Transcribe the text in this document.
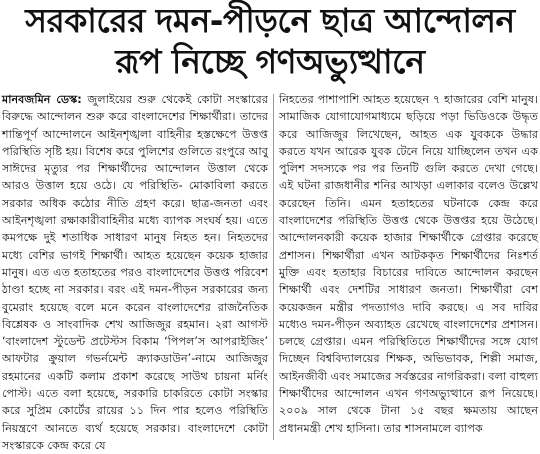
সরকারের দমন-পীড়নে ছাত্র আন্দোলন
রূপ নিচ্ছে গণঅভ্যুত্থানে

মানবজমিন ডেস্ক: জুলাইয়ের শুরু থেকেই কোটা সংস্কারের বিরুদ্ধে আন্দোলন শুরু করে বাংলাদেশের শিক্ষার্থীরা। তাদের শান্তিপূর্ণ আন্দোলনে আইনশৃঙ্খলা বাহিনীর হস্তক্ষেপে উত্তপ্ত পরিস্থিতি সৃষ্টি হয়। বিশেষ করে পুলিশের গুলিতে রংপুরে আবু সাঈদের মৃত্যুর পর শিক্ষার্থীদের আন্দোলন উত্তাল থেকে আরও উত্তাল হয়ে ওঠে। যে পরিস্থিতি- মোকাবিলা করতে সরকার অধিক কঠোর নীতি গ্রহণ করে। ছাত্র-জনতা এবং আইনশৃঙ্খলা রক্ষাকারীবাহিনীর মধ্যে ব্যাপক সংঘর্ষ হয়। এতে কমপক্ষে দুই শতাধিক সাধারণ মানুষ নিহত হন। নিহতদের মধ্যে বেশির ভাগই শিক্ষার্থী। আহত হয়েছেন কয়েক হাজার মানুষ। এত এত হতাহতের পরও বাংলাদেশের উত্তপ্ত পরিবেশ ঠাণ্ডা হচ্ছে না সরকার। বরং এই দমন-পীড়ন সরকারের জন্য বুমেরাং হয়েছে বলে মনে করেন বাংলাদেশের রাজনৈতিক বিশ্লেষক ও সাংবাদিক শেখ আজিজুর রহমান। ২রা আগস্ট ‘বাংলাদেশ স্টুডেন্ট প্রটেস্টস বিকাম ‘পিপল’স আপরাইজিং’ আফটার ক্রুয়াল গভর্নমেন্ট ক্র্যাকডাউন’-নামে আজিজুর রহমানের একটি কলাম প্রকাশ করেছে সাউথ চায়না মর্নিং পোস্ট। এতে বলা হয়েছে, সরকারি চাকরিতে কোটা সংস্কার করে সুপ্রিম কোর্টের রায়ের ১১ দিন পার হলেও পরিস্থিতি নিয়ন্ত্রণে আনতে ব্যর্থ হয়েছে সরকার। বাংলাদেশে কোটা সংস্কারকে কেন্দ্র করে যে

নিহতের পাশাপাশি আহত হয়েছেন ৭ হাজারের বেশি মানুষ। সামাজিক যোগাযোগমাধ্যমে ছড়িয়ে পড়া ভিডিওকে উদ্ধৃত করে আজিজুর লিখেছেন, আহত এক যুবককে উদ্ধার করতে যখন আরেক যুবক টেনে নিয়ে যাচ্ছিলেন তখন এক পুলিশ সদস্যকে পর পর তিনটি গুলি করতে দেখা গেছে। এই ঘটনা রাজধানীর শনির আখড়া এলাকার বলেও উল্লেখ করেছেন তিনি। এমন হতাহতের ঘটনাকে কেন্দ্র করে বাংলাদেশের পরিস্থিতি উত্তপ্ত থেকে উত্তপ্তর হয়ে উঠেছে। আন্দোলনকারী কয়েক হাজার শিক্ষার্থীকে গ্রেপ্তার করেছে প্রশাসন। শিক্ষার্থীরা এখন আটককৃত শিক্ষার্থীদের নিঃশর্ত মুক্তি এবং হতাহার বিচারের দাবিতে আন্দোলন করছেন শিক্ষার্থী এবং দেশটির সাধারণ জনতা। শিক্ষার্থীরা বেশ কয়েকজন মন্ত্রীর পদত্যাগও দাবি করছে। এ সব দাবির মধ্যেও দমন-পীড়ন অব্যাহত রেখেছে বাংলাদেশের প্রশাসন। চলছে গ্রেপ্তার। এমন পরিস্থিতিতে শিক্ষার্থীদের সঙ্গে যোগ দিচ্ছেন বিশ্ববিদ্যালয়ের শিক্ষক, অভিভাবক, শিল্পী সমাজ, আইনজীবী এবং সমাজের সর্বস্তরের নাগরিকরা। বলা বাহুল্য শিক্ষার্থীদের আন্দোলন এখন গণঅভ্যুত্থানে রূপ নিয়েছে। ২০০৯ সাল থেকে টানা ১৫ বছর ক্ষমতায় আছেন প্রধানমন্ত্রী শেখ হাসিনা। তার শাসনামলে ব্যাপক
